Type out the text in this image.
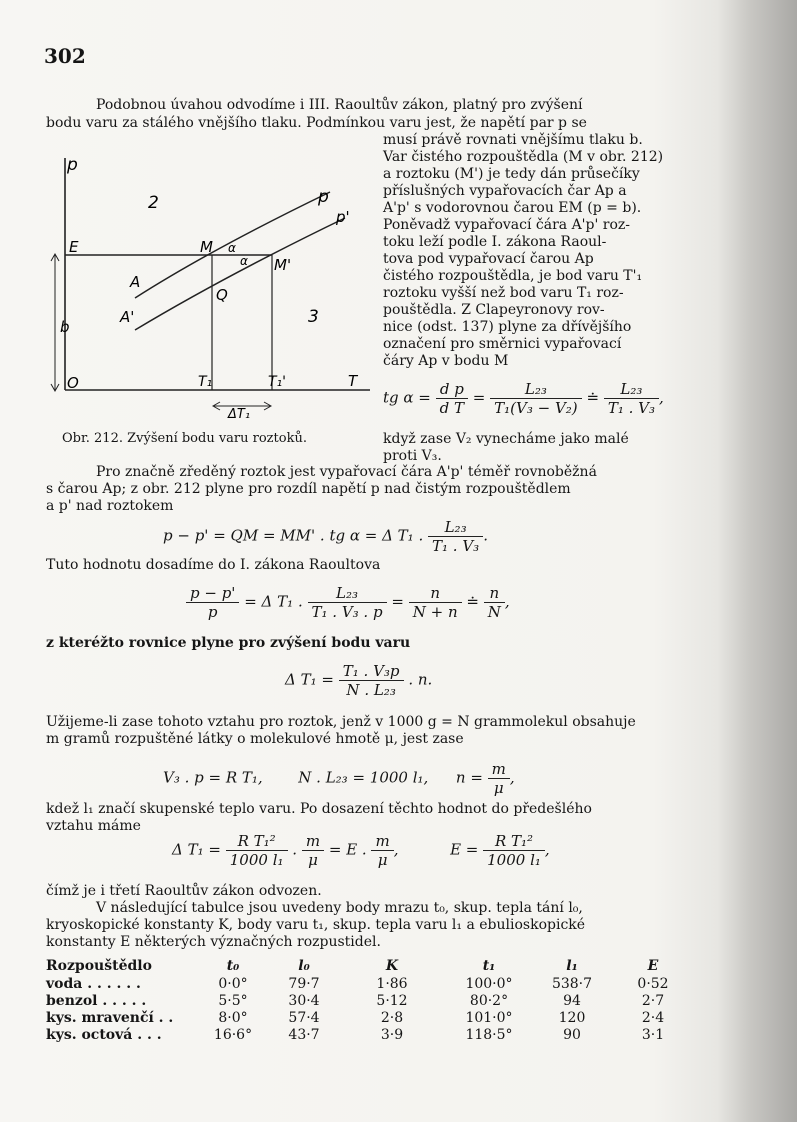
302
Podobnou úvahou odvodíme i III. Raoultův zákon, platný pro zvýšení
bodu varu za stálého vnějšího tlaku. Podmínkou varu jest, že napětí par p se
p
2
3
p
p'
E	M α
α M'
A
A'
Q
b
O	T₁	T₁'	T
ΔT₁
Obr. 212. Zvýšení bodu varu roztoků.
musí právě rovnati vnějšímu tlaku b.
Var čistého rozpouštědla (M v obr. 212)
a roztoku (M') je tedy dán průsečíky
příslušných vypařovacích čar Ap a
A'p' s vodorovnou čarou EM (p = b).
Poněvadž vypařovací čára A'p' roz-
toku leží podle I. zákona Raoul-
tova pod vypařovací čarou Ap
čistého rozpouštědla, je bod varu T'₁
roztoku vyšší než bod varu T₁ roz-
pouštědla. Z Clapeyronovy rov-
nice (odst. 137) plyne za dřívějšího
označení pro směrnici vypařovací
čáry Ap v bodu M
tg $\alpha = \frac{\text{d p}}{\text{d T}} = \frac{\text{L₂₃}}{\text{T₁(V₃ − V₂)}}$ ≐ $\frac{\text{L₂₃}}{\text{T₁ . V₃}}$ ,
když zase V₂ vynecháme jako malé
proti V₃.
Pro značně zředěný roztok jest vypařovací čára A'p' téměř rovnoběžná
s čarou Ap; z obr. 212 plyne pro rozdíl napětí p nad čistým rozpouštědlem
a p' nad roztokem
p − p' = QM = MM' . tg α = Δ T₁ . $\frac{\text{L₂₃}}{\text{T₁ . V₃}}$ .
Tuto hodnotu dosadíme do I. zákona Raoultova
$\frac{p - p'}{p} = \Delta$ T₁ . $\frac{\text{L₂₃}}{\text{T₁ . V₃ . p}} = \frac{n}{N + n}$ ≐ $\frac{n}{N}$ ,
z kteréžto rovnice plyne pro zvýšení bodu varu
Δ $T_1 = \frac{\text{T₁ . V₃p}}{\text{N . L₂₃}}$ . n.
Užijeme-li zase tohoto vztahu pro roztok, jenž v 1000 g = N grammolekul obsahuje
m gramů rozpuštěné látky o molekulové hmotě μ, jest zase
V₃ . p = R T₁, N . L₂₃ = 1000 l₁, $n = \frac{m}{\mu}$ ,
kdež l₁ značí skupenské teplo varu. Po dosazení těchto hodnot do předešlého
vztahu máme
Δ $T_1 = \frac{\text{R T₁²}}{\text{1000 l₁}}$ . $\frac{m}{\mu} = E$ . $\frac{m}{\mu}$ ,	$E = \frac{\text{R T₁²}}{\text{1000 l₁}}$ ,
čímž je i třetí Raoultův zákon odvozen.
V následující tabulce jsou uvedeny body mrazu t₀, skup. tepla tání l₀,
kryoskopické konstanty K, body varu t₁, skup. tepla varu l₁ a ebulioskopické
konstanty E některých význačných rozpustidel.
Rozpouštědlo	t₀	l₀	K	t₁	l₁	E
voda . . . . . .	0·0°	79·7	1·86	100·0°	538·7	0·52
benzol . . . . .	5·5°	30·4	5·12	80·2°	94	2·7
kys. mravenčí . .	8·0°	57·4	2·8	101·0°	120	2·4
kys. octová . . .	16·6°	43·7	3·9	118·5°	90	3·1
